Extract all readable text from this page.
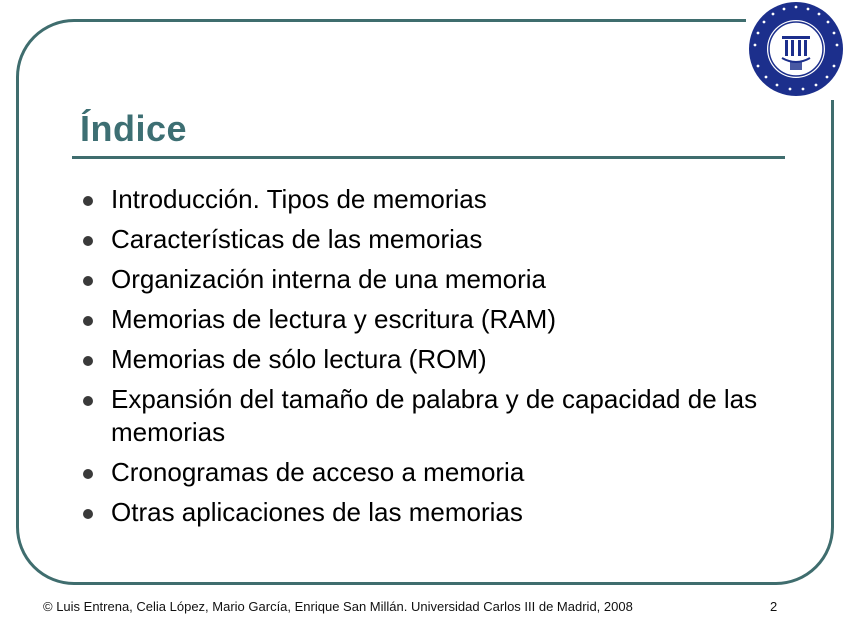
Índice
Introducción. Tipos de memorias
Características de las memorias
Organización interna de una memoria
Memorias de lectura y escritura (RAM)
Memorias de sólo lectura (ROM)
Expansión del tamaño de palabra y de capacidad de las memorias
Cronogramas de acceso a memoria
Otras aplicaciones de las memorias
© Luis Entrena, Celia López, Mario García, Enrique San Millán. Universidad Carlos III de Madrid, 2008	2
